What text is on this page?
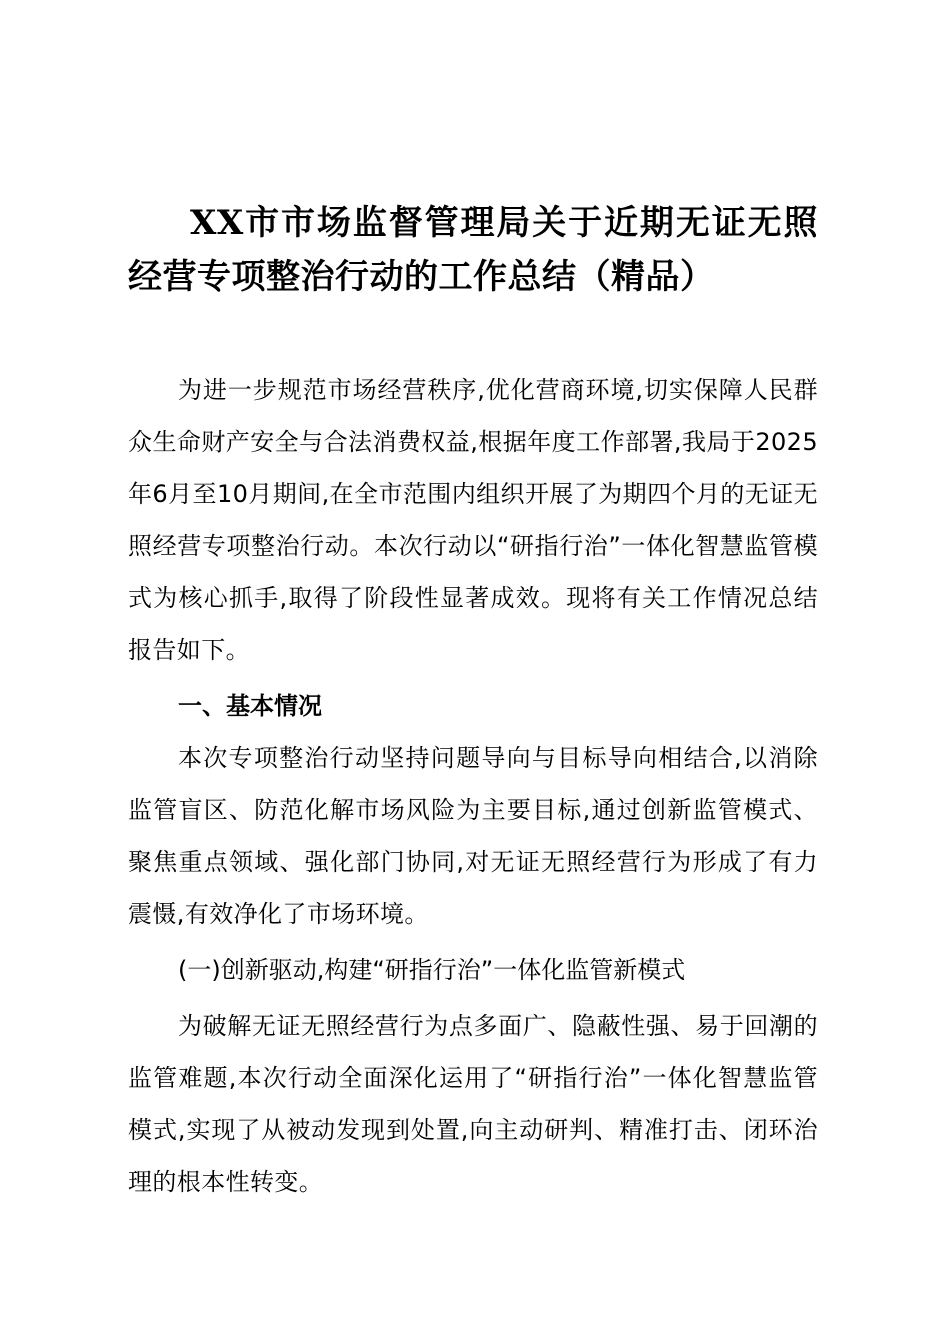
XX市市场监督管理局关于近期无证无照经营专项整治行动的工作总结（精品）

为进一步规范市场经营秩序,优化营商环境,切实保障人民群众生命财产安全与合法消费权益,根据年度工作部署,我局于2025年6月至10月期间,在全市范围内组织开展了为期四个月的无证无照经营专项整治行动。本次行动以“研指行治”一体化智慧监管模式为核心抓手,取得了阶段性显著成效。现将有关工作情况总结报告如下。

一、基本情况

本次专项整治行动坚持问题导向与目标导向相结合,以消除监管盲区、防范化解市场风险为主要目标,通过创新监管模式、聚焦重点领域、强化部门协同,对无证无照经营行为形成了有力震慑,有效净化了市场环境。

(一)创新驱动,构建“研指行治”一体化监管新模式

为破解无证无照经营行为点多面广、隐蔽性强、易于回潮的监管难题,本次行动全面深化运用了“研指行治”一体化智慧监管模式,实现了从被动发现到处置,向主动研判、精准打击、闭环治理的根本性转变。
